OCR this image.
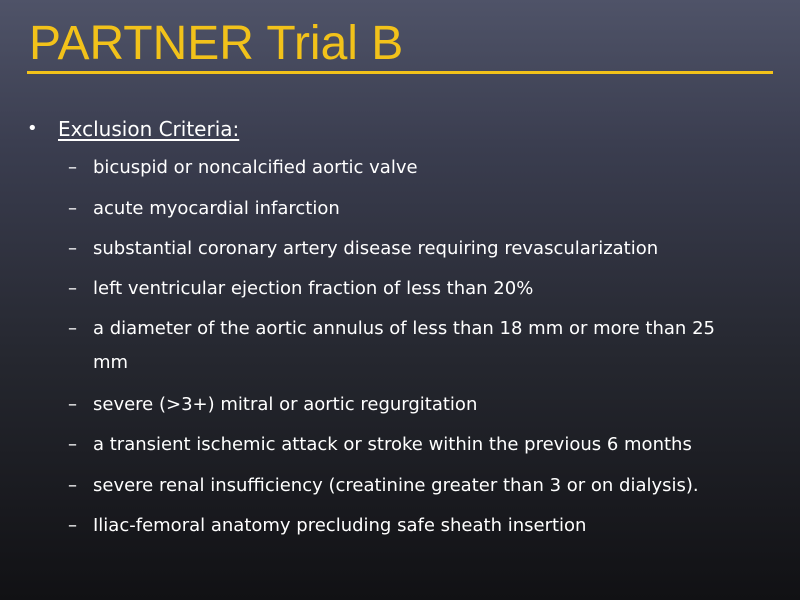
PARTNER Trial B
• Exclusion Criteria:
– bicuspid or noncalcified aortic valve
– acute myocardial infarction
– substantial coronary artery disease requiring revascularization
– left ventricular ejection fraction of less than 20%
– a diameter of the aortic annulus of less than 18 mm or more than 25 mm
– severe (>3+) mitral or aortic regurgitation
– a transient ischemic attack or stroke within the previous 6 months
– severe renal insufficiency (creatinine greater than 3 or on dialysis).
– Iliac-femoral anatomy precluding safe sheath insertion
